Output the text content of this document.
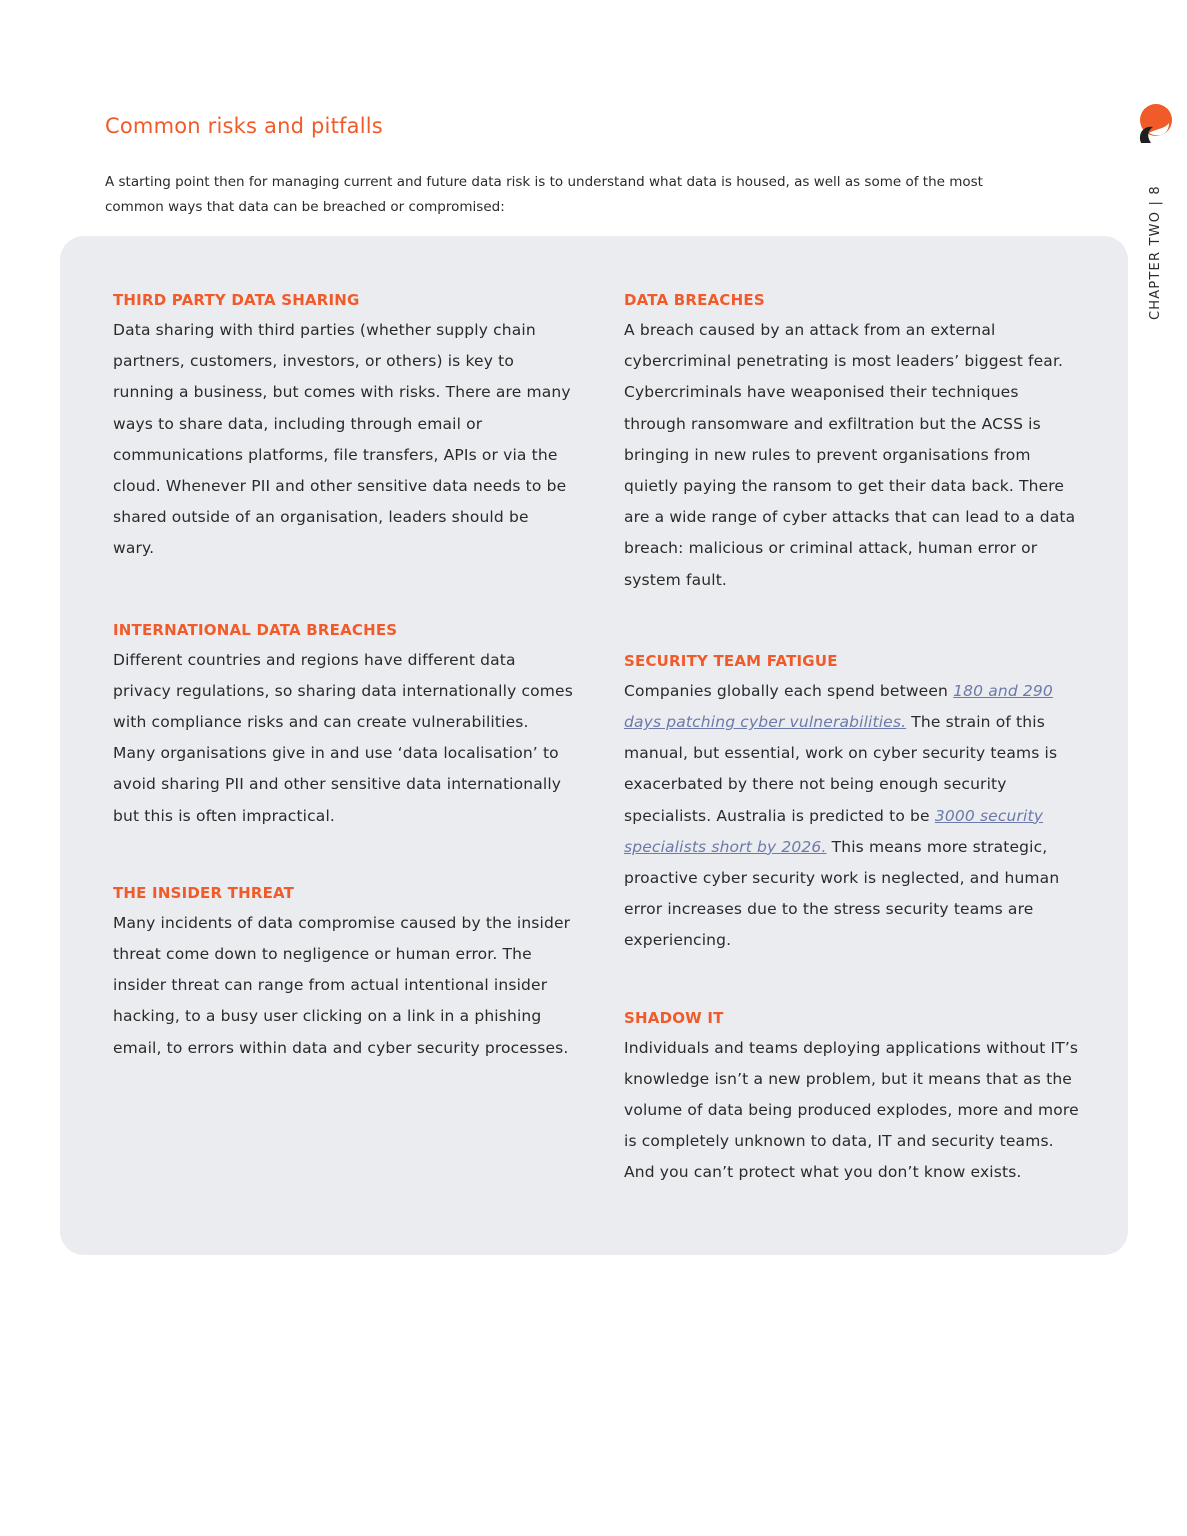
Common risks and pitfalls

A starting point then for managing current and future data risk is to understand what data is housed, as well as some of the most common ways that data can be breached or compromised:	CHAPTER TWO | 8
THIRD PARTY DATA SHARING

Data sharing with third parties (whether supply chain partners, customers, investors, or others) is key to running a business, but comes with risks. There are many ways to share data, including through email or communications platforms, file transfers, APIs or via the cloud. Whenever PII and other sensitive data needs to be shared outside of an organisation, leaders should be wary.

INTERNATIONAL DATA BREACHES

Different countries and regions have different data privacy regulations, so sharing data internationally comes with compliance risks and can create vulnerabilities. Many organisations give in and use ‘data localisation’ to avoid sharing PII and other sensitive data internationally but this is often impractical.

THE INSIDER THREAT

Many incidents of data compromise caused by the insider threat come down to negligence or human error. The insider threat can range from actual intentional insider hacking, to a busy user clicking on a link in a phishing email, to errors within data and cyber security processes.

DATA BREACHES

A breach caused by an attack from an external cybercriminal penetrating is most leaders’ biggest fear. Cybercriminals have weaponised their techniques through ransomware and exfiltration but the ACSS is bringing in new rules to prevent organisations from quietly paying the ransom to get their data back. There are a wide range of cyber attacks that can lead to a data breach: malicious or criminal attack, human error or system fault.

SECURITY TEAM FATIGUE

Companies globally each spend between 180 and 290 days patching cyber vulnerabilities. The strain of this manual, but essential, work on cyber security teams is exacerbated by there not being enough security specialists. Australia is predicted to be 3000 security specialists short by 2026. This means more strategic, proactive cyber security work is neglected, and human error increases due to the stress security teams are experiencing.

SHADOW IT

Individuals and teams deploying applications without IT’s knowledge isn’t a new problem, but it means that as the volume of data being produced explodes, more and more is completely unknown to data, IT and security teams. And you can’t protect what you don’t know exists.
